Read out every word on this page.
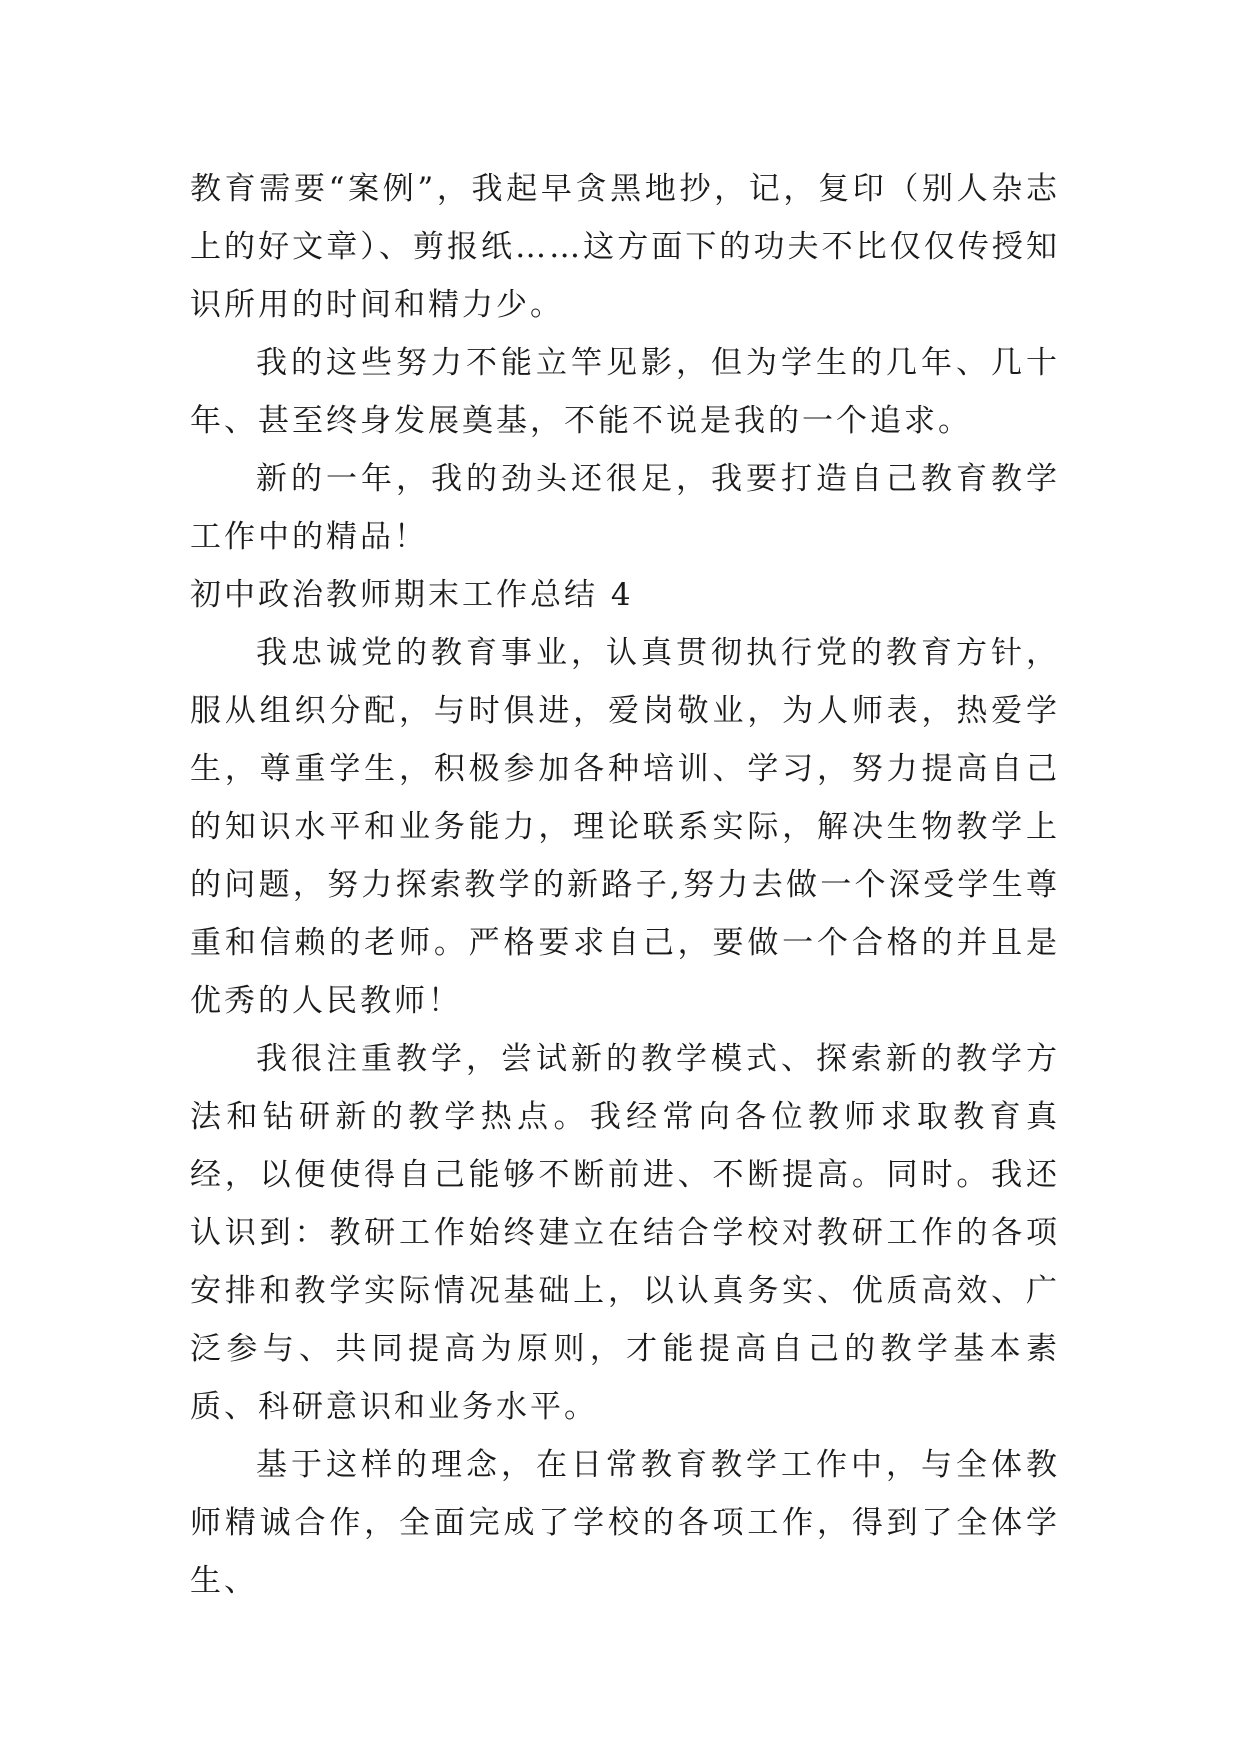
教育需要“案例”，我起早贪黑地抄，记，复印（别人杂志上的好文章）、剪报纸……这方面下的功夫不比仅仅传授知识所用的时间和精力少。

我的这些努力不能立竿见影，但为学生的几年、几十年、甚至终身发展奠基，不能不说是我的一个追求。

新的一年，我的劲头还很足，我要打造自己教育教学工作中的精品！

初中政治教师期末工作总结 4

我忠诚党的教育事业，认真贯彻执行党的教育方针，服从组织分配，与时俱进，爱岗敬业，为人师表，热爱学生，尊重学生，积极参加各种培训、学习，努力提高自己的知识水平和业务能力，理论联系实际，解决生物教学上的问题，努力探索教学的新路子,努力去做一个深受学生尊重和信赖的老师。严格要求自己，要做一个合格的并且是优秀的人民教师！

我很注重教学，尝试新的教学模式、探索新的教学方法和钻研新的教学热点。我经常向各位教师求取教育真经，以便使得自己能够不断前进、不断提高。同时。我还认识到：教研工作始终建立在结合学校对教研工作的各项安排和教学实际情况基础上，以认真务实、优质高效、广泛参与、共同提高为原则，才能提高自己的教学基本素质、科研意识和业务水平。

基于这样的理念，在日常教育教学工作中，与全体教师精诚合作，全面完成了学校的各项工作，得到了全体学生、
